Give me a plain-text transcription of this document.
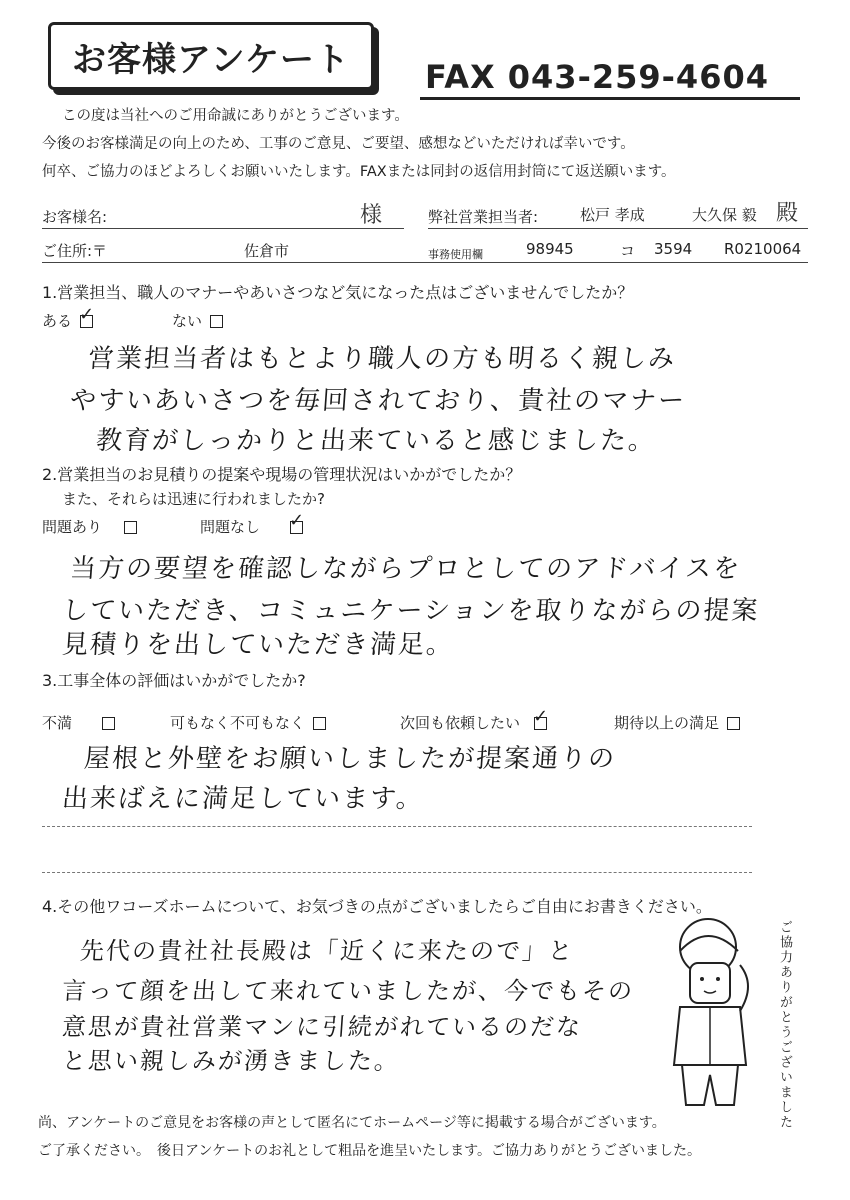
お客様アンケート	FAX 043-259-4604
この度は当社へのご用命誠にありがとうございます。
今後のお客様満足の向上のため、工事のご意見、ご要望、感想などいただければ幸いです。
何卒、ご協力のほどよろしくお願いいたします。FAXまたは同封の返信用封筒にて返送願います。
お客様名:	様	弊社営業担当者:	松戸 孝成	大久保 毅 殿
ご住所:〒	佐倉市	事務使用欄	98945	コ 3594 R0210064
1.営業担当、職人のマナーやあいさつなど気になった点はございませんでしたか？
ある ✓	ない
営業担当者はもとより職人の方も明るく親しみ
やすいあいさつを毎回されており、貴社のマナー
教育がしっかりと出来ていると感じました。
2.営業担当のお見積りの提案や現場の管理状況はいかがでしたか？
また、それらは迅速に行われましたか?
問題あり	問題なし✓
当方の要望を確認しながらプロとしてのアドバイスを
していただき、コミュニケーションを取りながらの提案
見積りを出していただき満足。
3.工事全体の評価はいかがでしたか?
不満	可もなく不可もなく	次回も依頼したい ✓	期待以上の満足
屋根と外壁をお願いしましたが提案通りの
出来ばえに満足しています。
4.その他ワコーズホームについて、お気づきの点がございましたらご自由にお書きください。
先代の貴社社長殿は「近くに来たので」と
言って顔を出して来れていましたが、今でもその
意思が貴社営業マンに引続がれているのだな
と思い親しみが湧きました。	ご協力ありがとうございました
尚、アンケートのご意見をお客様の声として匿名にてホームページ等に掲載する場合がございます。
ご了承ください。　後日アンケートのお礼として粗品を進呈いたします。ご協力ありがとうございました。
